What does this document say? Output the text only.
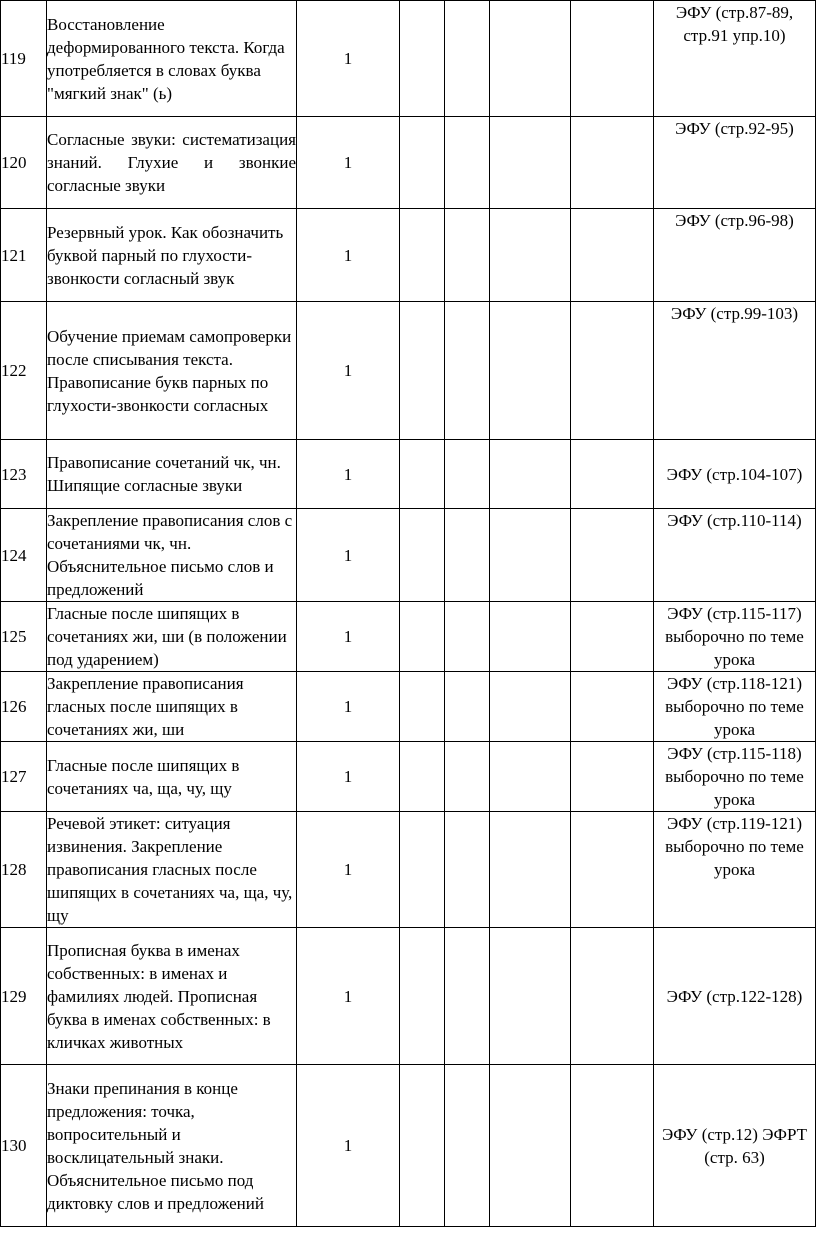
119	Восстановление деформированного текста. Когда употребляется в словах буква "мягкий знак" (ь)	1					ЭФУ (стр.87-89, стр.91 упр.10)
120	Согласные звуки: систематизация знаний. Глухие и звонкие согласные звуки	1					ЭФУ (стр.92-95)
121	Резервный урок. Как обозначить буквой парный по глухости-звонкости согласный звук	1					ЭФУ (стр.96-98)
122	Обучение приемам самопроверки после списывания текста. Правописание букв парных по глухости-звонкости согласных	1					ЭФУ (стр.99-103)
123	Правописание сочетаний чк, чн. Шипящие согласные звуки	1					ЭФУ (стр.104-107)
124	Закрепление правописания слов с сочетаниями чк, чн. Объяснительное письмо слов и предложений	1					ЭФУ (стр.110-114)
125	Гласные после шипящих в сочетаниях жи, ши (в положении под ударением)	1					ЭФУ (стр.115-117) выборочно по теме урока
126	Закрепление правописания гласных после шипящих в сочетаниях жи, ши	1					ЭФУ (стр.118-121) выборочно по теме урока
127	Гласные после шипящих в сочетаниях ча, ща, чу, щу	1					ЭФУ (стр.115-118) выборочно по теме урока
128	Речевой этикет: ситуация извинения. Закрепление правописания гласных после шипящих в сочетаниях ча, ща, чу, щу	1					ЭФУ (стр.119-121) выборочно по теме урока
129	Прописная буква в именах собственных: в именах и фамилиях людей. Прописная буква в именах собственных: в кличках животных	1					ЭФУ (стр.122-128)
130	Знаки препинания в конце предложения: точка, вопросительный и восклицательный знаки. Объяснительное письмо под диктовку слов и предложений	1					ЭФУ (стр.12) ЭФРТ (стр. 63)
